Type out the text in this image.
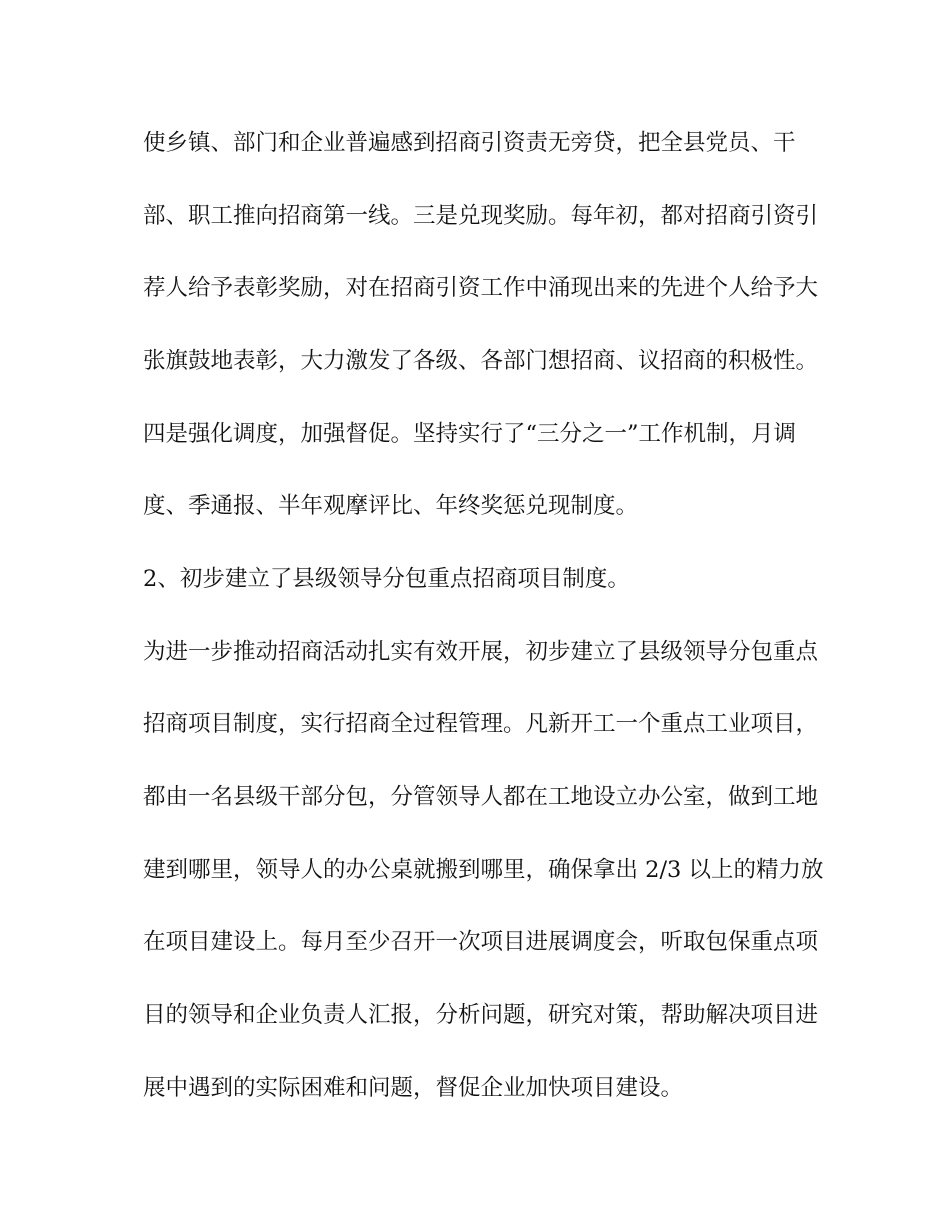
使乡镇、部门和企业普遍感到招商引资责无旁贷，把全县党员、干

部、职工推向招商第一线。三是兑现奖励。每年初，都对招商引资引

荐人给予表彰奖励，对在招商引资工作中涌现出来的先进个人给予大

张旗鼓地表彰，大力激发了各级、各部门想招商、议招商的积极性。

四是强化调度，加强督促。坚持实行了“三分之一”工作机制，月调

度、季通报、半年观摩评比、年终奖惩兑现制度。

2、初步建立了县级领导分包重点招商项目制度。

为进一步推动招商活动扎实有效开展，初步建立了县级领导分包重点

招商项目制度，实行招商全过程管理。凡新开工一个重点工业项目，

都由一名县级干部分包，分管领导人都在工地设立办公室，做到工地

建到哪里，领导人的办公桌就搬到哪里，确保拿出 2/3 以上的精力放

在项目建设上。每月至少召开一次项目进展调度会，听取包保重点项

目的领导和企业负责人汇报，分析问题，研究对策，帮助解决项目进

展中遇到的实际困难和问题，督促企业加快项目建设。
